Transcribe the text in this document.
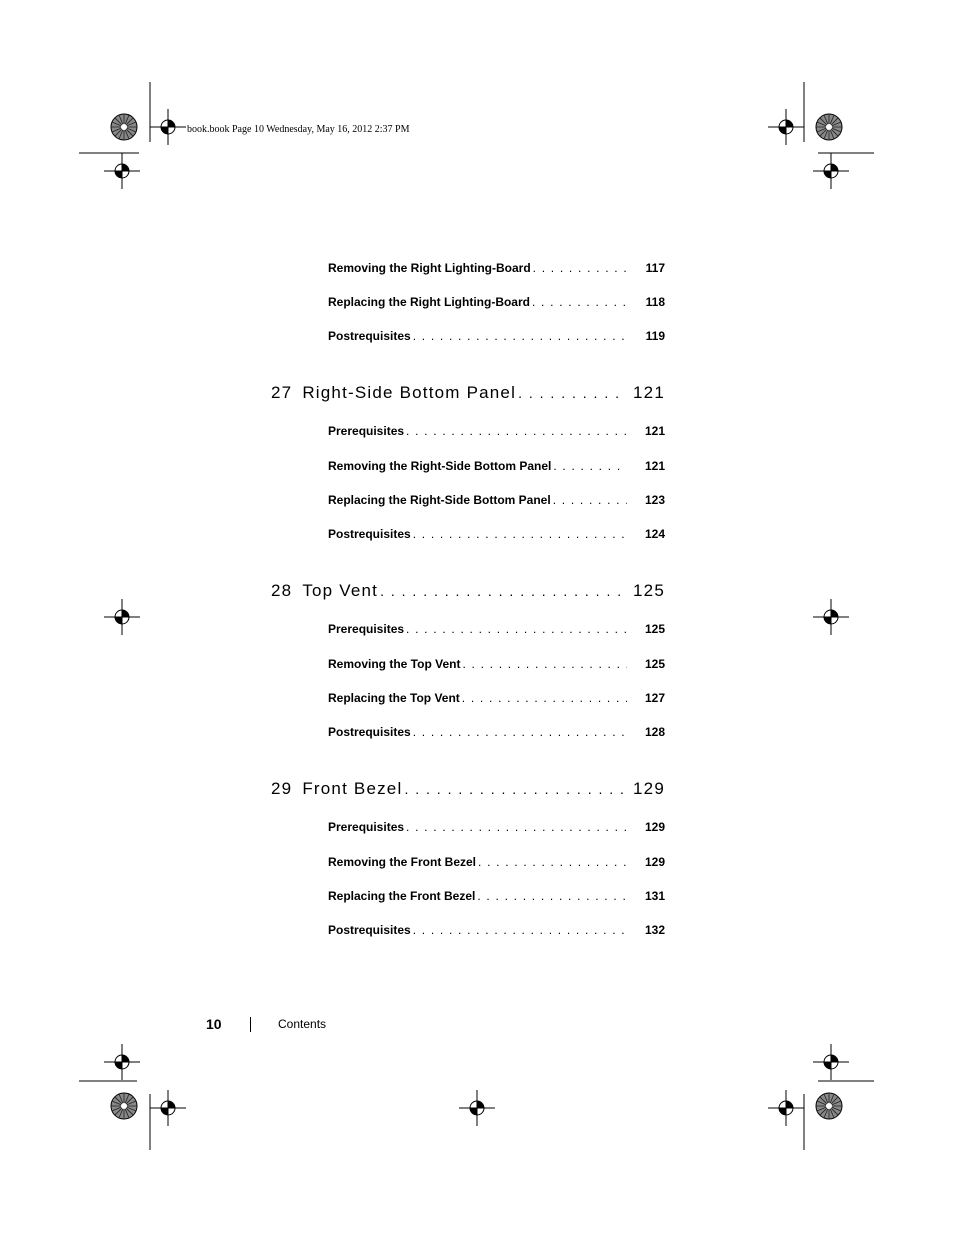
book.book Page 10 Wednesday, May 16, 2012 2:37 PM
Removing the Right Lighting-Board . . .	117
Replacing the Right Lighting-Board . . .	118
Postrequisites . . .	119
27 Right-Side Bottom Panel . . .	121
Prerequisites . . .	121
Removing the Right-Side Bottom Panel . . .	121
Replacing the Right-Side Bottom Panel . . .	123
Postrequisites . . .	124
28 Top Vent . . .	125
Prerequisites . . .	125
Removing the Top Vent . . .	125
Replacing the Top Vent . . .	127
Postrequisites . . .	128
29 Front Bezel . . .	129
Prerequisites . . .	129
Removing the Front Bezel . . .	129
Replacing the Front Bezel . . .	131
Postrequisites . . .	132
10	Contents
